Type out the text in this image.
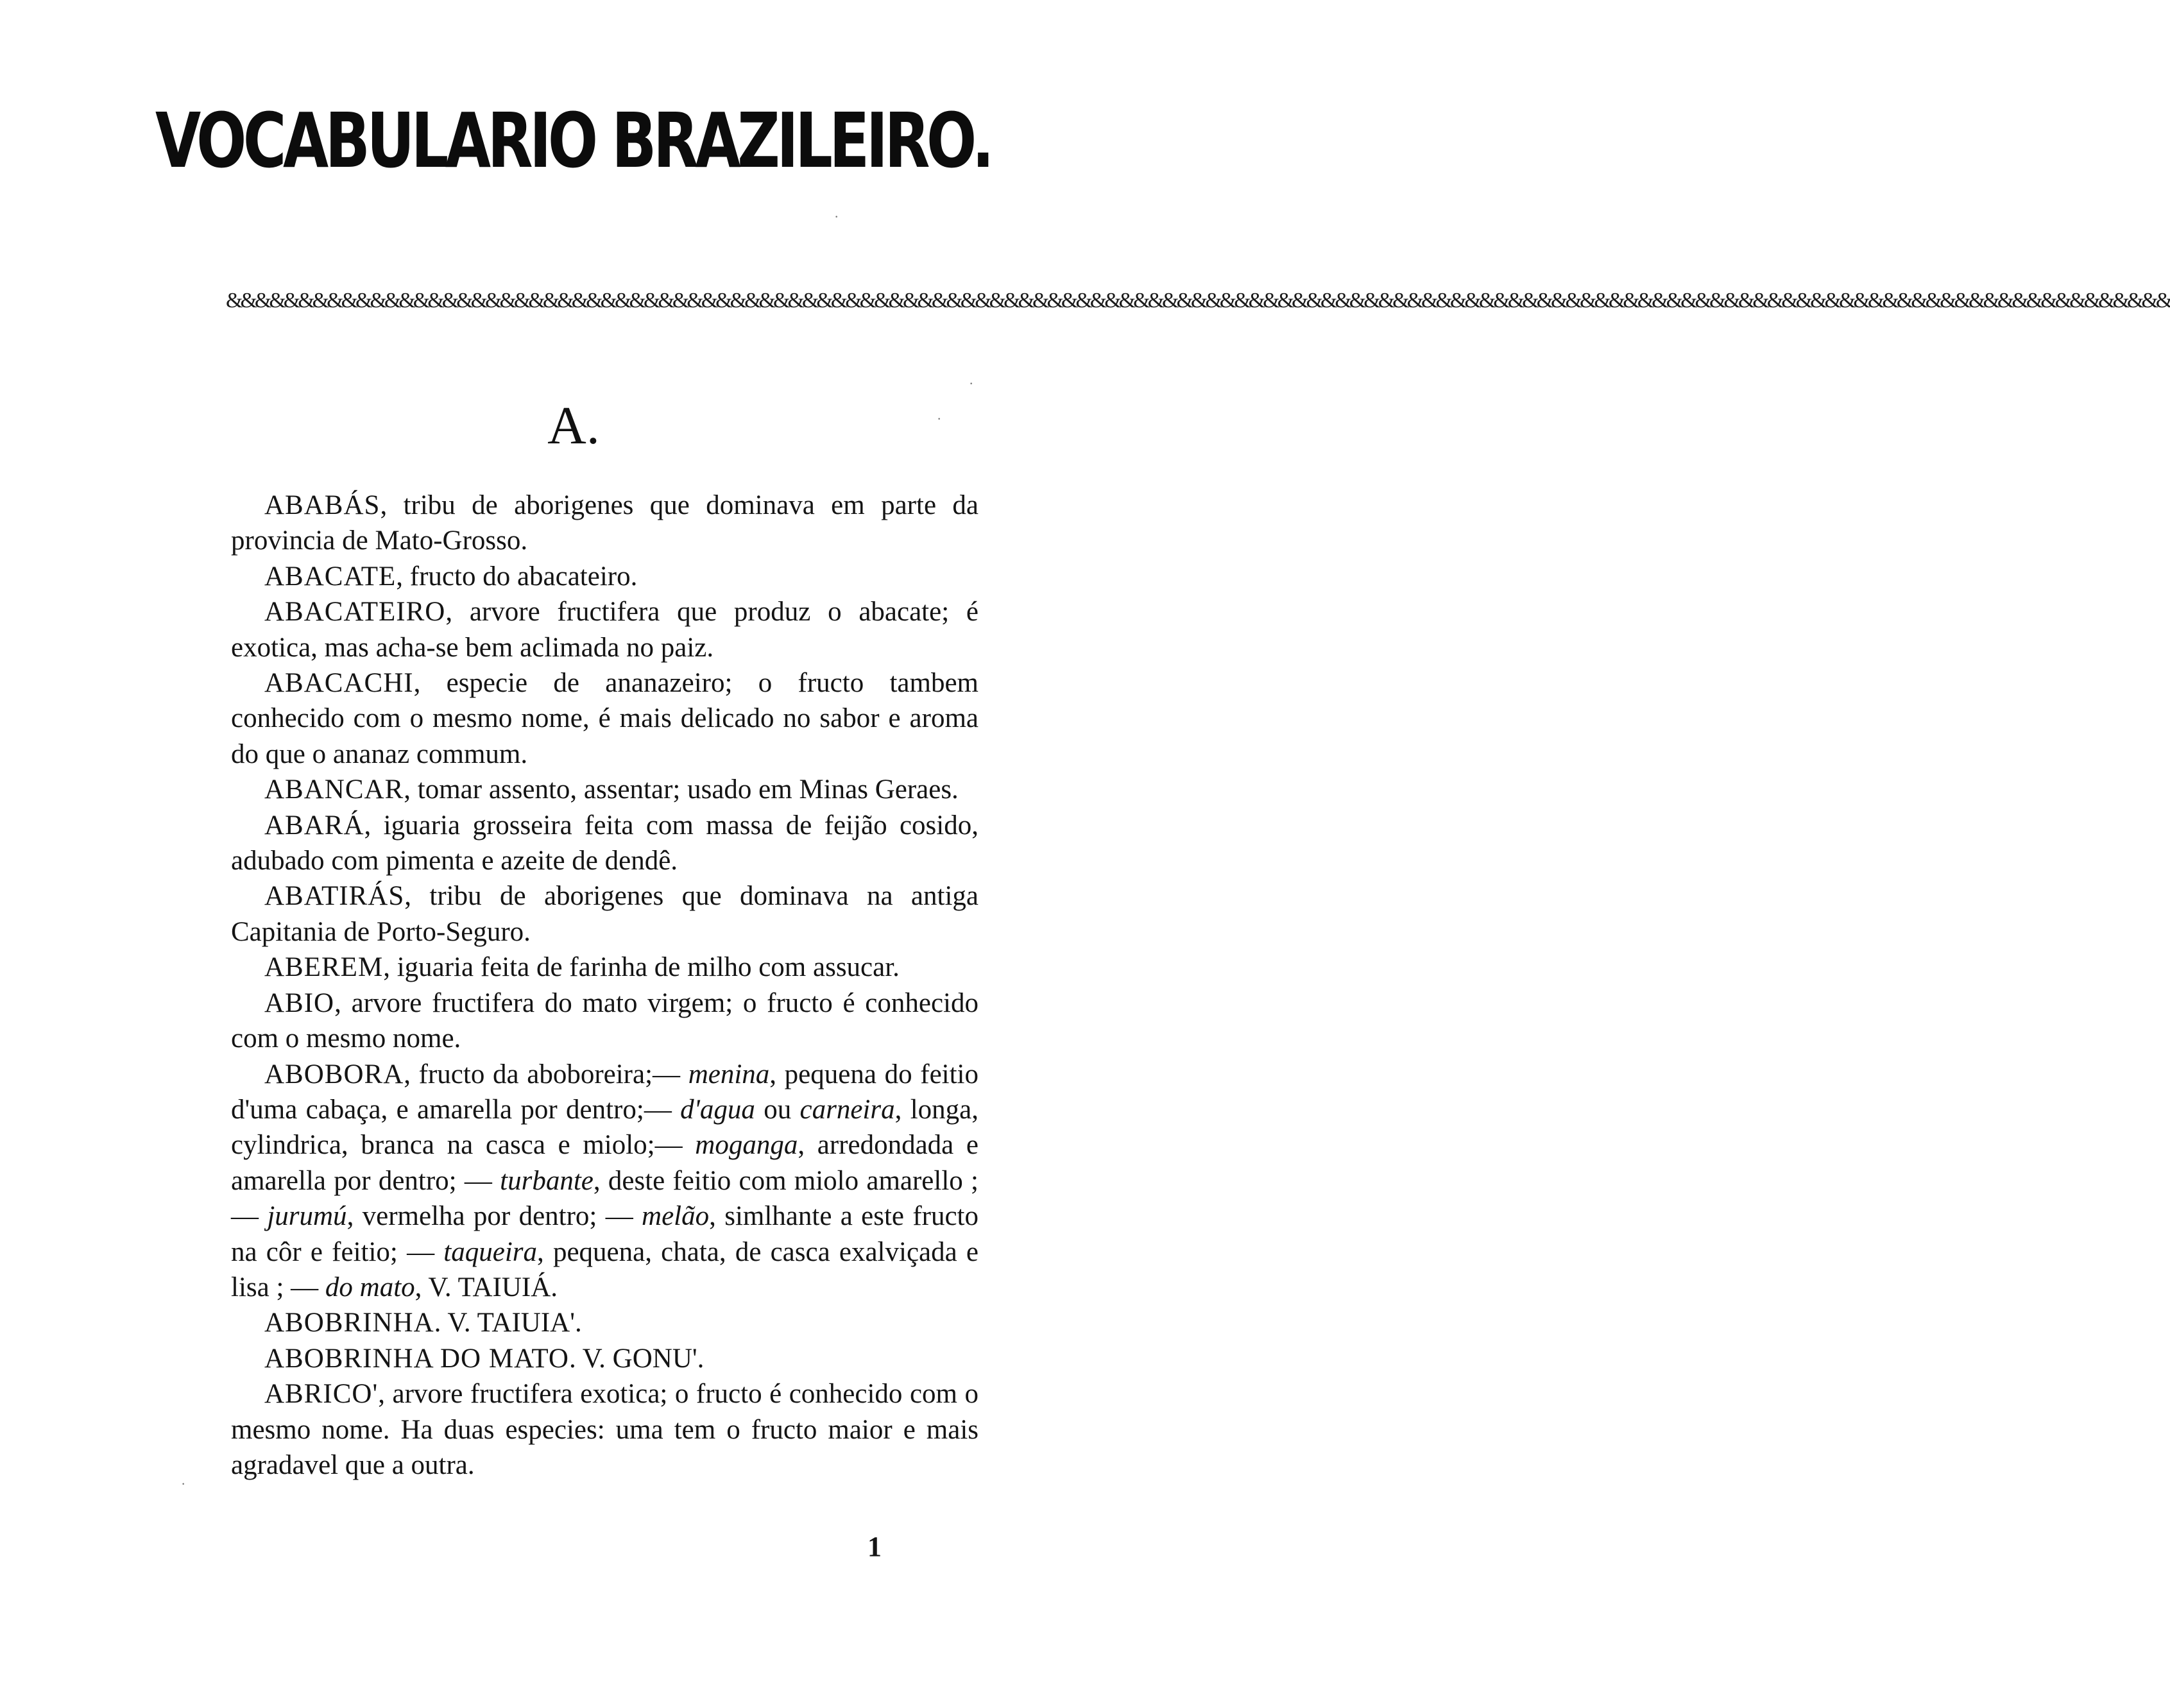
VOCABULARIO BRAZILEIRO.
&&&&&&&&&&&&&&&&&&&&&&&&&&&&&&&&&&&&&&&&&&&&&&&&&&&&&&&&&&&&&&&&&&&&&&&&&&&&&&&&&&&&&&&&&&&&&&&&&&&&&&&&&&&&&&&&&&&&&&&&&&&&&&&&&&&&&&&
A.

ABABÁS, tribu de aborigenes que dominava em parte da provincia de Mato-Grosso.

ABACATE, fructo do abacateiro.

ABACATEIRO, arvore fructifera que produz o abacate; é exotica, mas acha-se bem aclimada no paiz.

ABACACHI, especie de ananazeiro; o fructo tambem conhecido com o mesmo nome, é mais delicado no sabor e aroma do que o ananaz commum.

ABANCAR, tomar assento, assentar; usado em Minas Geraes.

ABARÁ, iguaria grosseira feita com massa de feijão cosido, adubado com pimenta e azeite de dendê.

ABATIRÁS, tribu de aborigenes que dominava na antiga Capitania de Porto-Seguro.

ABEREM, iguaria feita de farinha de milho com assucar.

ABIO, arvore fructifera do mato virgem; o fructo é conhecido com o mesmo nome.

ABOBORA, fructo da aboboreira;— menina, pequena do feitio d'uma cabaça, e amarella por dentro;— d'agua ou carneira, longa, cylindrica, branca na casca e miolo;— moganga, arredondada e amarella por dentro; — turbante, deste feitio com miolo amarello ; — jurumú, vermelha por dentro; — melão, simlhante a este fructo na côr e feitio; — taqueira, pequena, chata, de casca exalviçada e lisa ; — do mato, V. TAIUIÁ.

ABOBRINHA. V. TAIUIA'.

ABOBRINHA DO MATO. V. GONU'.

ABRICO', arvore fructifera exotica; o fructo é conhecido com o mesmo nome. Ha duas especies: uma tem o fructo maior e mais agradavel que a outra.

1
·
·
·
·
